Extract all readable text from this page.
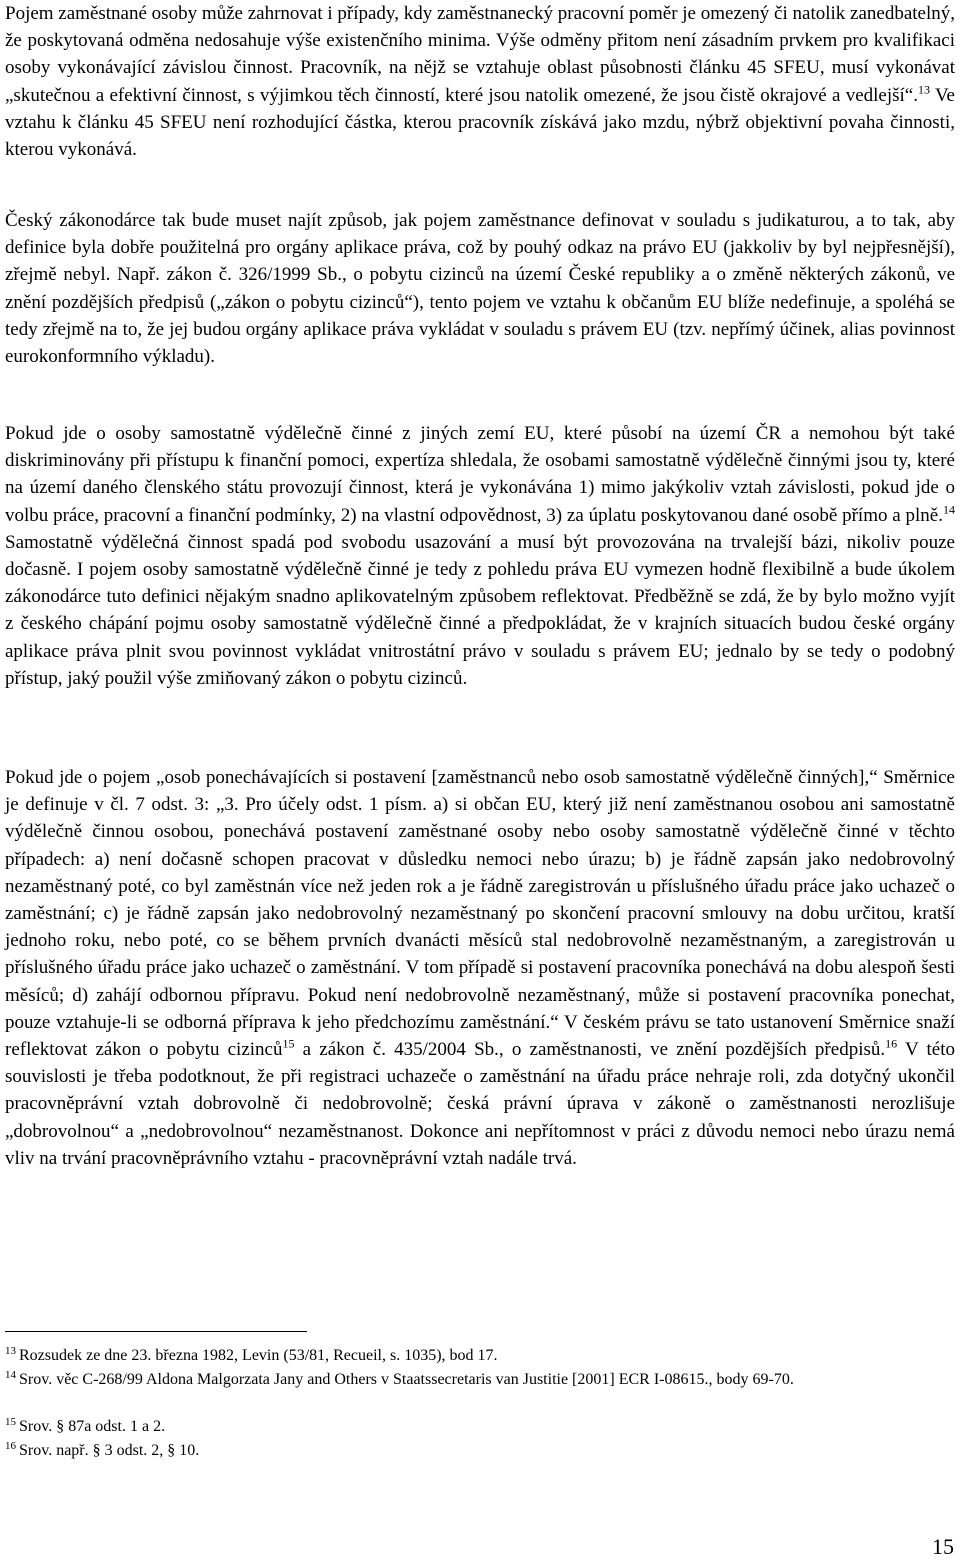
Pojem zaměstnané osoby může zahrnovat i případy, kdy zaměstnanecký pracovní poměr je omezený či natolik zanedbatelný, že poskytovaná odměna nedosahuje výše existenčního minima. Výše odměny přitom není zásadním prvkem pro kvalifikaci osoby vykonávající závislou činnost. Pracovník, na nějž se vztahuje oblast působnosti článku 45 SFEU, musí vykonávat „skutečnou a efektivní činnost, s výjimkou těch činností, které jsou natolik omezené, že jsou čistě okrajové a vedlejší“.$^{13}$ Ve vztahu k článku 45 SFEU není rozhodující částka, kterou pracovník získává jako mzdu, nýbrž objektivní povaha činnosti, kterou vykonává.

Český zákonodárce tak bude muset najít způsob, jak pojem zaměstnance definovat v souladu s judikaturou, a to tak, aby definice byla dobře použitelná pro orgány aplikace práva, což by pouhý odkaz na právo EU (jakkoliv by byl nejpřesnější), zřejmě nebyl. Např. zákon č. 326/1999 Sb., o pobytu cizinců na území České republiky a o změně některých zákonů, ve znění pozdějších předpisů („zákon o pobytu cizinců“), tento pojem ve vztahu k občanům EU blíže nedefinuje, a spoléhá se tedy zřejmě na to, že jej budou orgány aplikace práva vykládat v souladu s právem EU (tzv. nepřímý účinek, alias povinnost eurokonformního výkladu).

Pokud jde o osoby samostatně výdělečně činné z jiných zemí EU, které působí na území ČR a nemohou být také diskriminovány při přístupu k finanční pomoci, expertíza shledala, že osobami samostatně výdělečně činnými jsou ty, které na území daného členského státu provozují činnost, která je vykonávána 1) mimo jakýkoliv vztah závislosti, pokud jde o volbu práce, pracovní a finanční podmínky, 2) na vlastní odpovědnost, 3) za úplatu poskytovanou dané osobě přímo a plně.$^{14}$ Samostatně výdělečná činnost spadá pod svobodu usazování a musí být provozována na trvalejší bázi, nikoliv pouze dočasně. I pojem osoby samostatně výdělečně činné je tedy z pohledu práva EU vymezen hodně flexibilně a bude úkolem zákonodárce tuto definici nějakým snadno aplikovatelným způsobem reflektovat. Předběžně se zdá, že by bylo možno vyjít z českého chápání pojmu osoby samostatně výdělečně činné a předpokládat, že v krajních situacích budou české orgány aplikace práva plnit svou povinnost vykládat vnitrostátní právo v souladu s právem EU; jednalo by se tedy o podobný přístup, jaký použil výše zmiňovaný zákon o pobytu cizinců.

Pokud jde o pojem „osob ponechávajících si postavení [zaměstnanců nebo osob samostatně výdělečně činných],“ Směrnice je definuje v čl. 7 odst. 3: „3. Pro účely odst. 1 písm. a) si občan EU, který již není zaměstnanou osobou ani samostatně výdělečně činnou osobou, ponechává postavení zaměstnané osoby nebo osoby samostatně výdělečně činné v těchto případech: a) není dočasně schopen pracovat v důsledku nemoci nebo úrazu; b) je řádně zapsán jako nedobrovolný nezaměstnaný poté, co byl zaměstnán více než jeden rok a je řádně zaregistrován u příslušného úřadu práce jako uchazeč o zaměstnání; c) je řádně zapsán jako nedobrovolný nezaměstnaný po skončení pracovní smlouvy na dobu určitou, kratší jednoho roku, nebo poté, co se během prvních dvanácti měsíců stal nedobrovolně nezaměstnaným, a zaregistrován u příslušného úřadu práce jako uchazeč o zaměstnání. V tom případě si postavení pracovníka ponechává na dobu alespoň šesti měsíců; d) zahájí odbornou přípravu. Pokud není nedobrovolně nezaměstnaný, může si postavení pracovníka ponechat, pouze vztahuje-li se odborná příprava k jeho předchozímu zaměstnání.“ V českém právu se tato ustanovení Směrnice snaží reflektovat zákon o pobytu cizinců$^{15}$ a zákon č. 435/2004 Sb., o zaměstnanosti, ve znění pozdějších předpisů.$^{16}$ V této souvislosti je třeba podotknout, že při registraci uchazeče o zaměstnání na úřadu práce nehraje roli, zda dotyčný ukončil pracovněprávní vztah dobrovolně či nedobrovolně; česká právní úprava v zákoně o zaměstnanosti nerozlišuje „dobrovolnou“ a „nedobrovolnou“ nezaměstnanost. Dokonce ani nepřítomnost v práci z důvodu nemoci nebo úrazu nemá vliv na trvání pracovněprávního vztahu - pracovněprávní vztah nadále trvá.

$^{13}$ Rozsudek ze dne 23. března 1982, Levin (53/81, Recueil, s. 1035), bod 17.

$^{14}$ Srov. věc C-268/99 Aldona Malgorzata Jany and Others v Staatssecretaris van Justitie [2001] ECR I-08615., body 69-70.

$^{15}$ Srov. § 87a odst. 1 a 2.

$^{16}$ Srov. např. § 3 odst. 2, § 10.

15
